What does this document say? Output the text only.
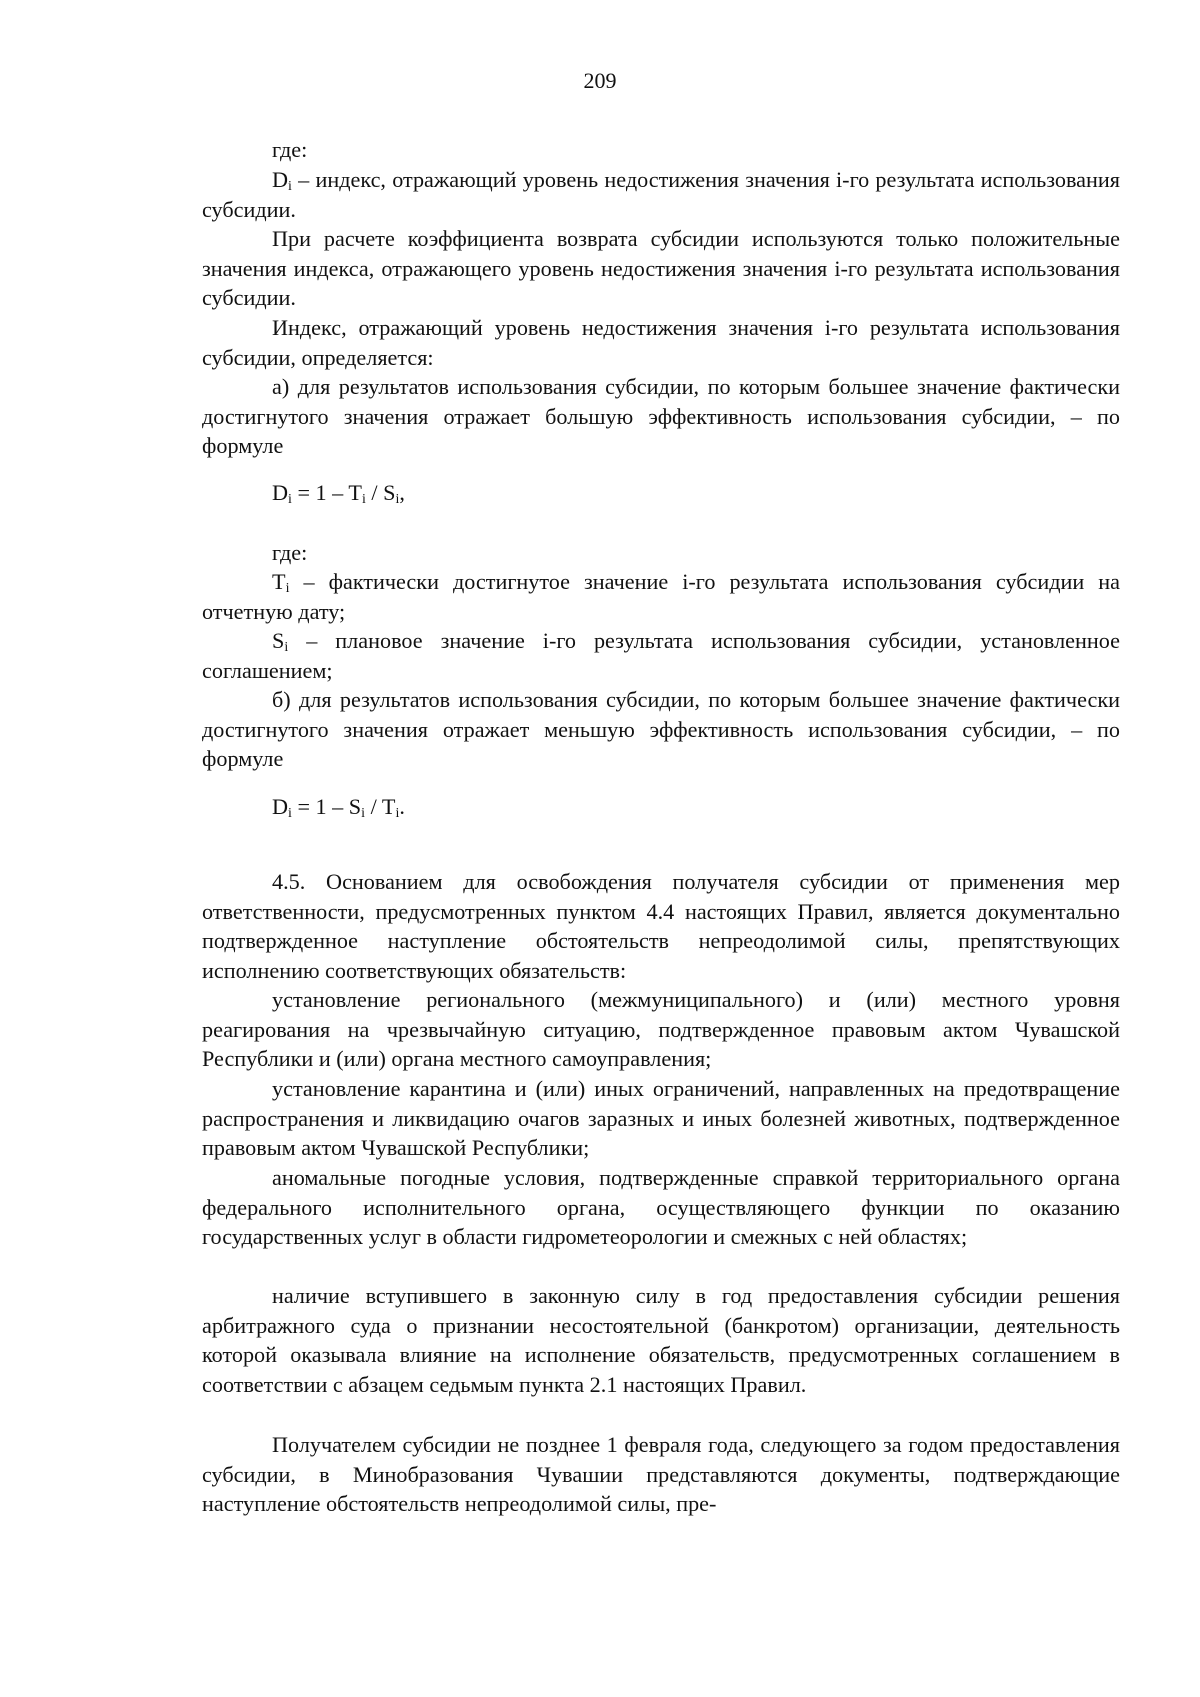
209

где:

$D_i$ – индекс, отражающий уровень недостижения значения i-го результата использования субсидии.

При расчете коэффициента возврата субсидии используются только положительные значения индекса, отражающего уровень недостижения значения i-го результата использования субсидии.

Индекс, отражающий уровень недостижения значения i-го результата использования субсидии, определяется:

а) для результатов использования субсидии, по которым большее значение фактически достигнутого значения отражает большую эффективность использования субсидии, – по формуле

$D_i = 1 - T_i / S_i$,

где:

$T_i$ – фактически достигнутое значение i-го результата использования субсидии на отчетную дату;

$S_i$ – плановое значение i-го результата использования субсидии, установленное соглашением;

б) для результатов использования субсидии, по которым большее значение фактически достигнутого значения отражает меньшую эффективность использования субсидии, – по формуле

$D_i = 1 - S_i / T_i$.

4.5. Основанием для освобождения получателя субсидии от применения мер ответственности, предусмотренных пунктом 4.4 настоящих Правил, является документально подтвержденное наступление обстоятельств непреодолимой силы, препятствующих исполнению соответствующих обязательств:

установление регионального (межмуниципального) и (или) местного уровня реагирования на чрезвычайную ситуацию, подтвержденное правовым актом Чувашской Республики и (или) органа местного самоуправления;

установление карантина и (или) иных ограничений, направленных на предотвращение распространения и ликвидацию очагов заразных и иных болезней животных, подтвержденное правовым актом Чувашской Республики;

аномальные погодные условия, подтвержденные справкой территориального органа федерального исполнительного органа, осуществляющего функции по оказанию государственных услуг в области гидрометеорологии и смежных с ней областях;

наличие вступившего в законную силу в год предоставления субсидии решения арбитражного суда о признании несостоятельной (банкротом) организации, деятельность которой оказывала влияние на исполнение обязательств, предусмотренных соглашением в соответствии с абзацем седьмым пункта 2.1 настоящих Правил.

Получателем субсидии не позднее 1 февраля года, следующего за годом предоставления субсидии, в Минобразования Чувашии представляются документы, подтверждающие наступление обстоятельств непреодолимой силы, пре-
